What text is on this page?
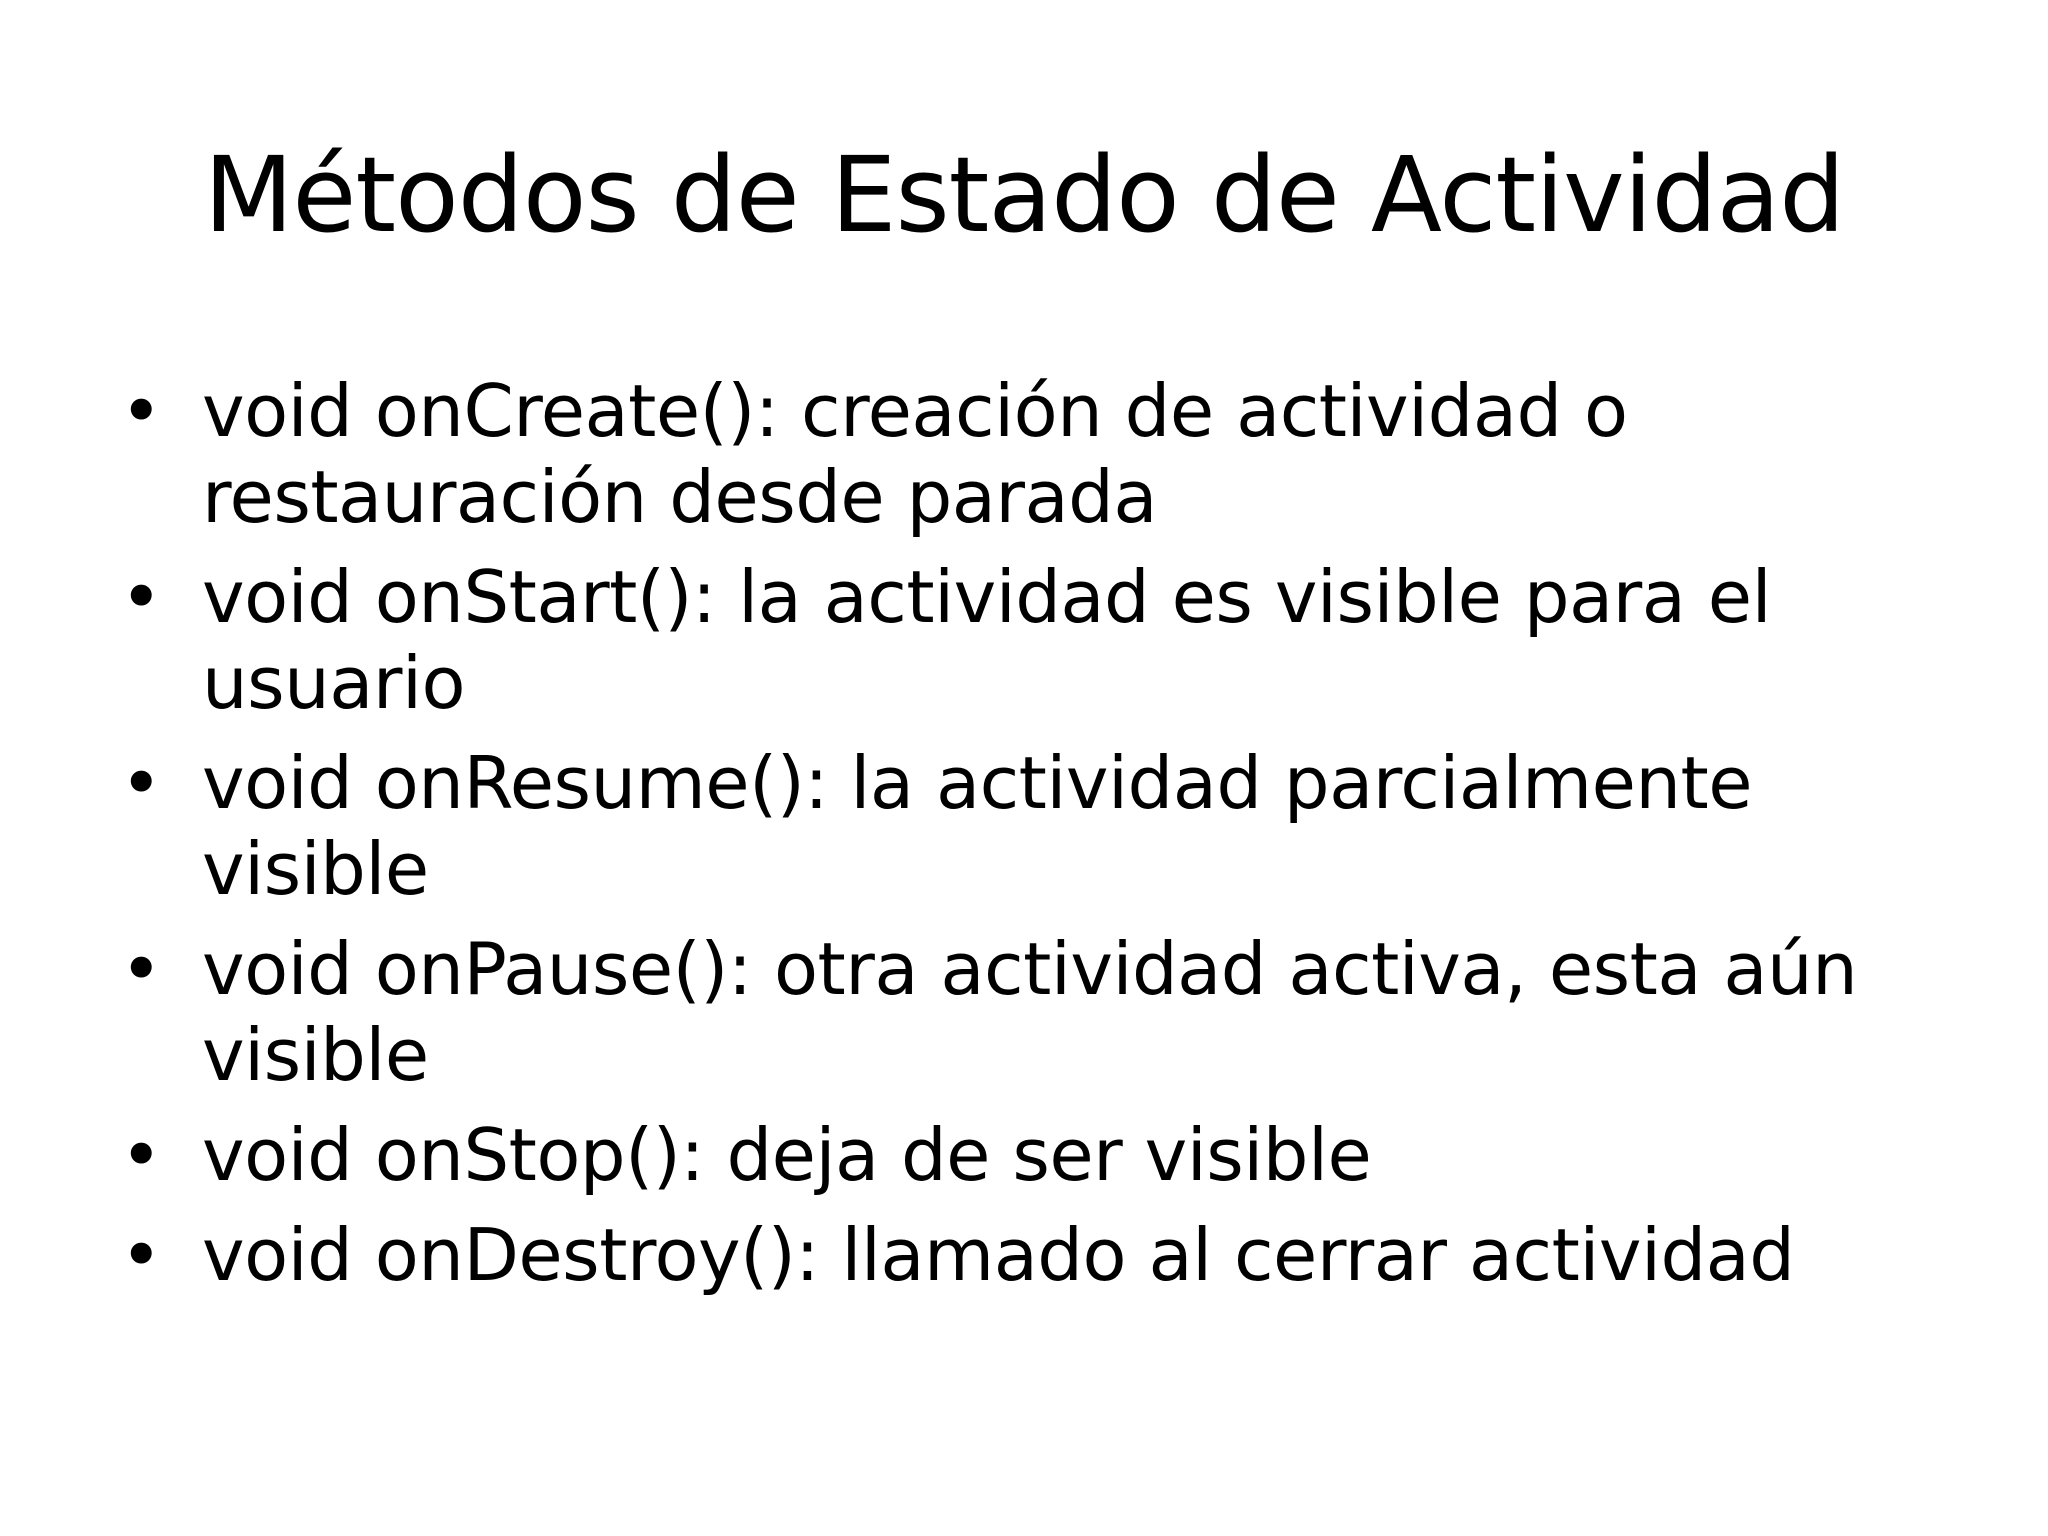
Métodos de Estado de Actividad
• void onCreate(): creación de actividad o restauración desde parada
• void onStart(): la actividad es visible para el usuario
• void onResume(): la actividad parcialmente visible
• void onPause(): otra actividad activa, esta aún visible
• void onStop(): deja de ser visible
• void onDestroy(): llamado al cerrar actividad
